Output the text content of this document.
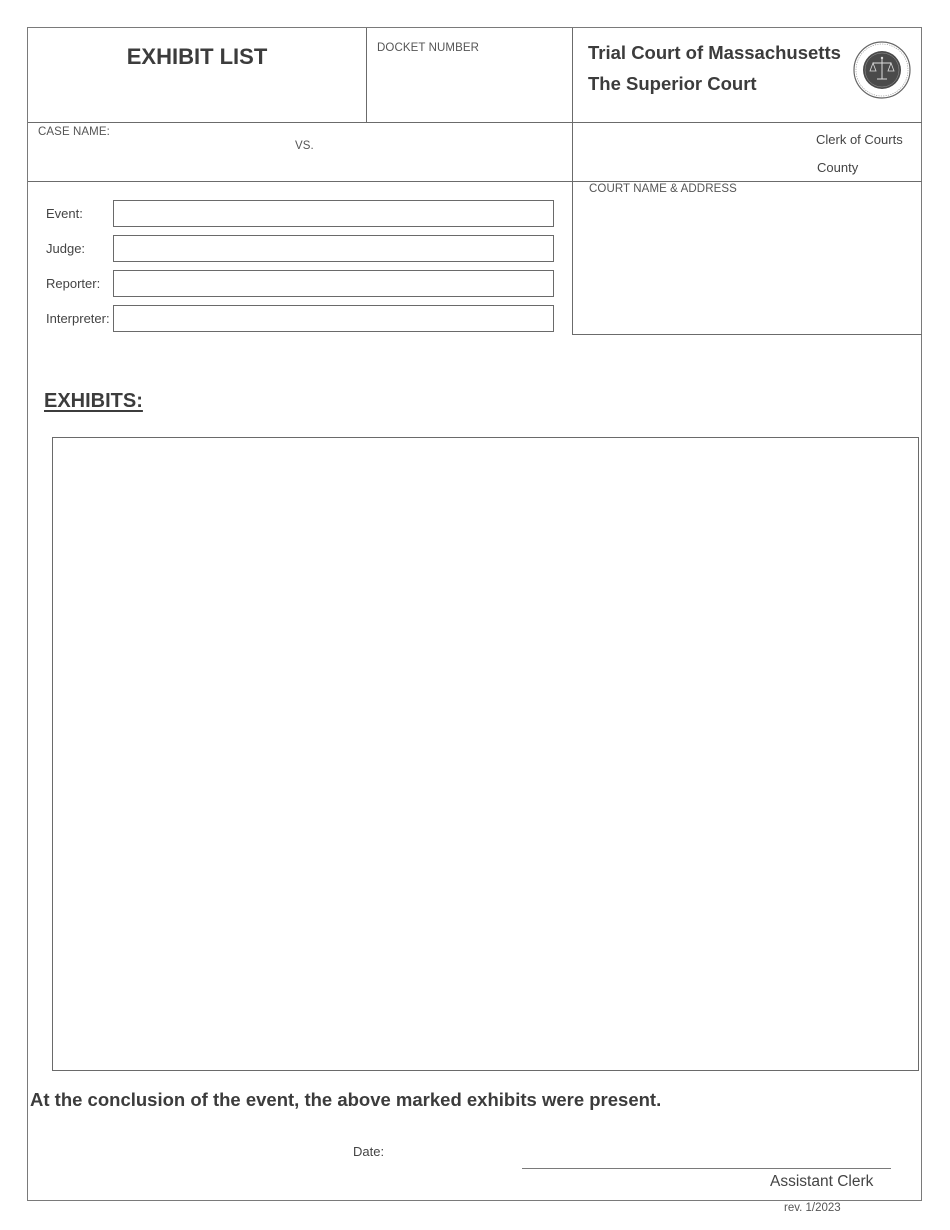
EXHIBIT LIST	DOCKET NUMBER	Trial Court of Massachusetts
The Superior Court
CASE NAME:
VS.	Clerk of Courts
County
COURT NAME & ADDRESS
Event:
Judge:
Reporter:
Interpreter:
EXHIBITS:
At the conclusion of the event, the above marked exhibits were present.
Date:
Assistant Clerk
rev. 1/2023
